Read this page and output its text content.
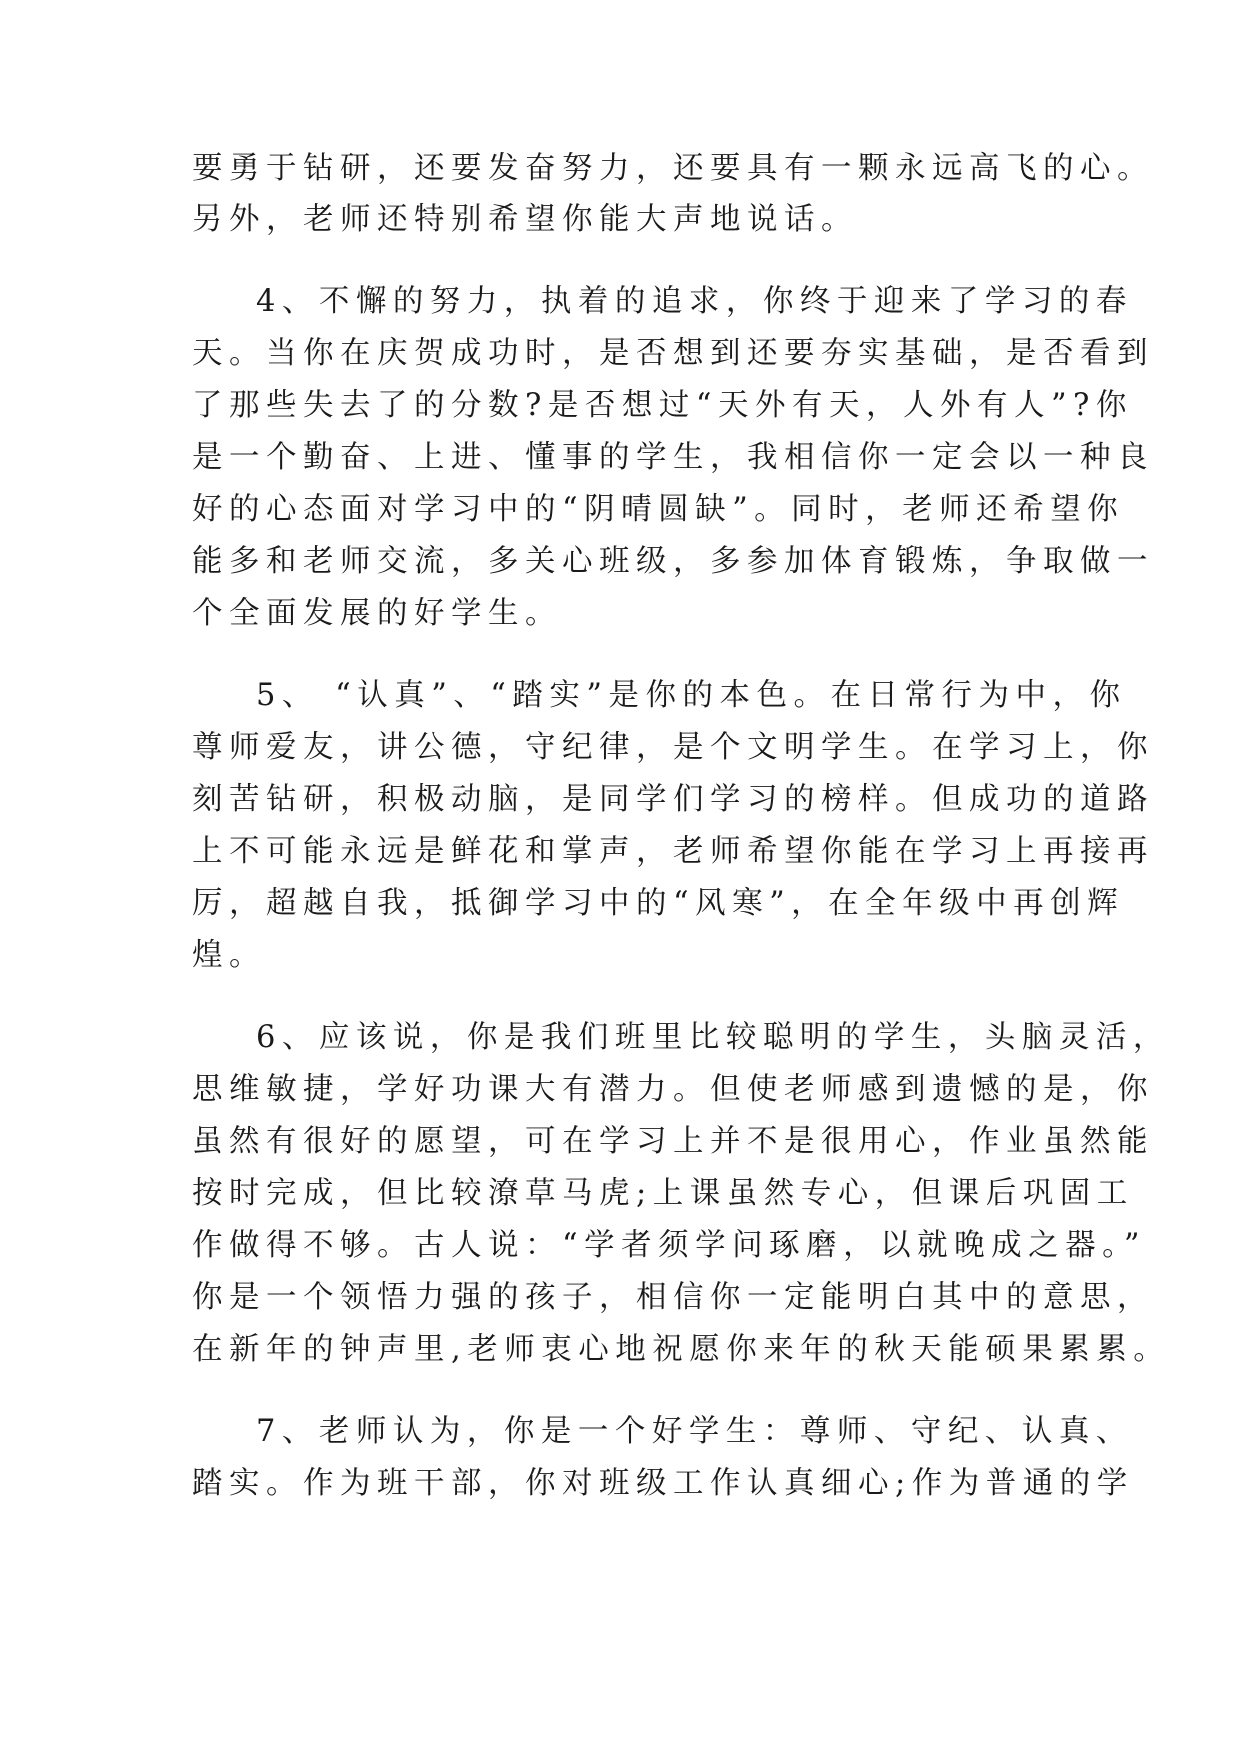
要勇于钻研，还要发奋努力，还要具有一颗永远高飞的心。
另外，老师还特别希望你能大声地说话。
4、不懈的努力，执着的追求，你终于迎来了学习的春
天。当你在庆贺成功时，是否想到还要夯实基础，是否看到
了那些失去了的分数?是否想过“天外有天，人外有人”?你
是一个勤奋、上进、懂事的学生，我相信你一定会以一种良
好的心态面对学习中的“阴晴圆缺”。同时，老师还希望你
能多和老师交流，多关心班级，多参加体育锻炼，争取做一
个全面发展的好学生。
5、 “认真”、“踏实”是你的本色。在日常行为中，你
尊师爱友，讲公德，守纪律，是个文明学生。在学习上，你
刻苦钻研，积极动脑，是同学们学习的榜样。但成功的道路
上不可能永远是鲜花和掌声，老师希望你能在学习上再接再
厉，超越自我，抵御学习中的“风寒”，在全年级中再创辉
煌。
6、应该说，你是我们班里比较聪明的学生，头脑灵活，
思维敏捷，学好功课大有潜力。但使老师感到遗憾的是，你
虽然有很好的愿望，可在学习上并不是很用心，作业虽然能
按时完成，但比较潦草马虎;上课虽然专心，但课后巩固工
作做得不够。古人说：“学者须学问琢磨，以就晚成之器。”
你是一个领悟力强的孩子，相信你一定能明白其中的意思，
在新年的钟声里,老师衷心地祝愿你来年的秋天能硕果累累。
7、老师认为，你是一个好学生：尊师、守纪、认真、
踏实。作为班干部，你对班级工作认真细心;作为普通的学
